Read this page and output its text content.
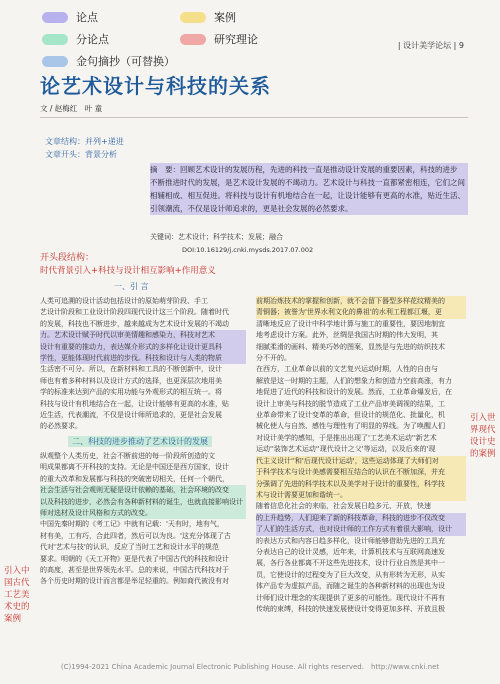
论点	案例
分论点	研究理论
金句摘抄（可替换）
| 设计美学论坛 | 9
论艺术设计与科技的关系
文 / 赵梅红　叶 童
文章结构：并列+递进
文章开头：背景分析
摘　要：回顾艺术设计的发展历程，先进的科技一直是推动设计发展的重要因素，科技的进步
不断推进时代的发展，是艺术设计发展的不竭动力。艺术设计与科技一直都紧密相连，它们之间
相辅相成、相互促进。将科技与设计有机地结合在一起，让设计能够有更高的水准，贴近生活、
引领潮流，不仅是设计师追求的，更是社会发展的必然要求。
关键词：艺术设计；科学技术；发展；融合
DOI:10.16129/j.cnki.mysds.2017.07.002
开头段结构：
时代背景引入+科技与设计相互影响+作用意义
一、引 言
人类可追溯的设计活动包括设计的原始萌芽阶段、手工
艺设计阶段和工业设计阶段四现代设计这三个阶段。随着时代
的发展，科技也不断进步，越来越成为艺术设计发展的不竭动
力。艺术设计赋予时代以审美情趣和感染力，科技对艺术
设计有重要的推动力，表达媒介形式的多样化让设计更具科
学性，更能体现时代前进的步伐。科技和设计与人类的物质
生活密不可分。所以，在新材料和工具的不断创新中，设计
师也有着多种材料以及设计方式的选择，也更深层次地用美
学的标准来达到产品的实用功能与外观形式的相互统一。将
科技与设计有机地结合在一起，让设计能够有更高的水准，贴
近生活，代表潮流，不仅是设计师所追求的，更是社会发展
的必然要求。
二、科技的进步推动了艺术设计的发展
纵观整个人类历史，社会不断前进的每一阶段所创造的文
明成果都离不开科技的支持。无论是中国还是西方国家，设计
的重大改革和发展都与科技的突破密切相关，任何一个朝代，
社会生活与社会观则无疑是设计依赖的基础，社会环境的改变
以及科技的进步，必然会有各种新材料的诞生，也就直接影响设计
师对选材及设计风格和方式的改变。
中国先秦时期的《考工记》中就有记载：'天有时，地有气，
材有美，工有巧，合此四者，然后可以为良。'这充分体现了古
代对'艺术与技'的认识，反应了当时工艺和设计水平的规范
要求。明朝的《天工开物》更是代表了中国古代的科技和设计
的高度，甚至是世界领先水平。总的来说，中国古代科技对于
各个历史时期的设计而言都是举足轻重的。例如商代被没有对
引入中国古代工艺美术史的案例
前期冶炼技术的掌握和创新，就不会留下器型多样花纹精美的
青铜器；被誉为'世界水利文化的鼻祖'的水利工程都江堰，更
清晰地反应了设计中科学地计算与施工的重要性，要因地制宜
地考虑设计方案。此外，丝绸是我国古时期的伟大发明，其
细腻柔滑的画料、精美巧妙的图案，显然是与先进的纺织技术
分不开的。
在西方，工业革命以前的文艺复兴运动时期，人性的自由与
解放是这一时期的主题，人们的想象力和创造力空前高涨，有力
地促进了近代的科技和设计的发展。然而，工业革命爆发后，在
设计上审美与科技的脱节造成了工业产品审美调视的结果，工
业革命带来了设计变革的革命，但设计的规范化、批量化，机
械化使人与自然、感性与理性有了明显的界线。为了唤醒人们
对设计美学的感知，于是推出出现了'工艺美术运动''新艺术
运动''装饰艺术运动''现代设计之父'等运动，以及后来的'现
代主义设计''和'后现代设计运动'，这些运动体现了大师们对
于科学技术与设计美感需要相互结合的认识在不断加深，并充
分强调了先进的科学技术以及美学对于设计的重要性，科学技
术与设计需要更加和谐统一。
随着信息化社会的来临，社会发展日趋多元、开放，快速
的上升趋势，人们迎来了新的科技革命，科技的进步不仅改变
了人们的生活方式，也对设计师的工作方式有着很大影响，设计
的表达方式和内容日趋多样化，设计师能够借助先进的工具充
分表达自己的设计灵感，近年来，计算机技术与互联网高速发
展，各行各业都离不开这些先进技术，设计行业自然是其中一
员，它使设计的过程变为了巨大改变，从有形转为无形，从实
体产品专为虚拟产品，而随之诞生的各种新材料的出现也为设
计师们设计理念的实现提供了更多的可能性。现代设计不再有
传统的束缚，科技的快速发展使设计变得更加多样、开放且极
引入世界现代设计史的案例
(C)1994-2021 China Academic Journal Electronic Publishing House. All rights reserved.　http://www.cnki.net
